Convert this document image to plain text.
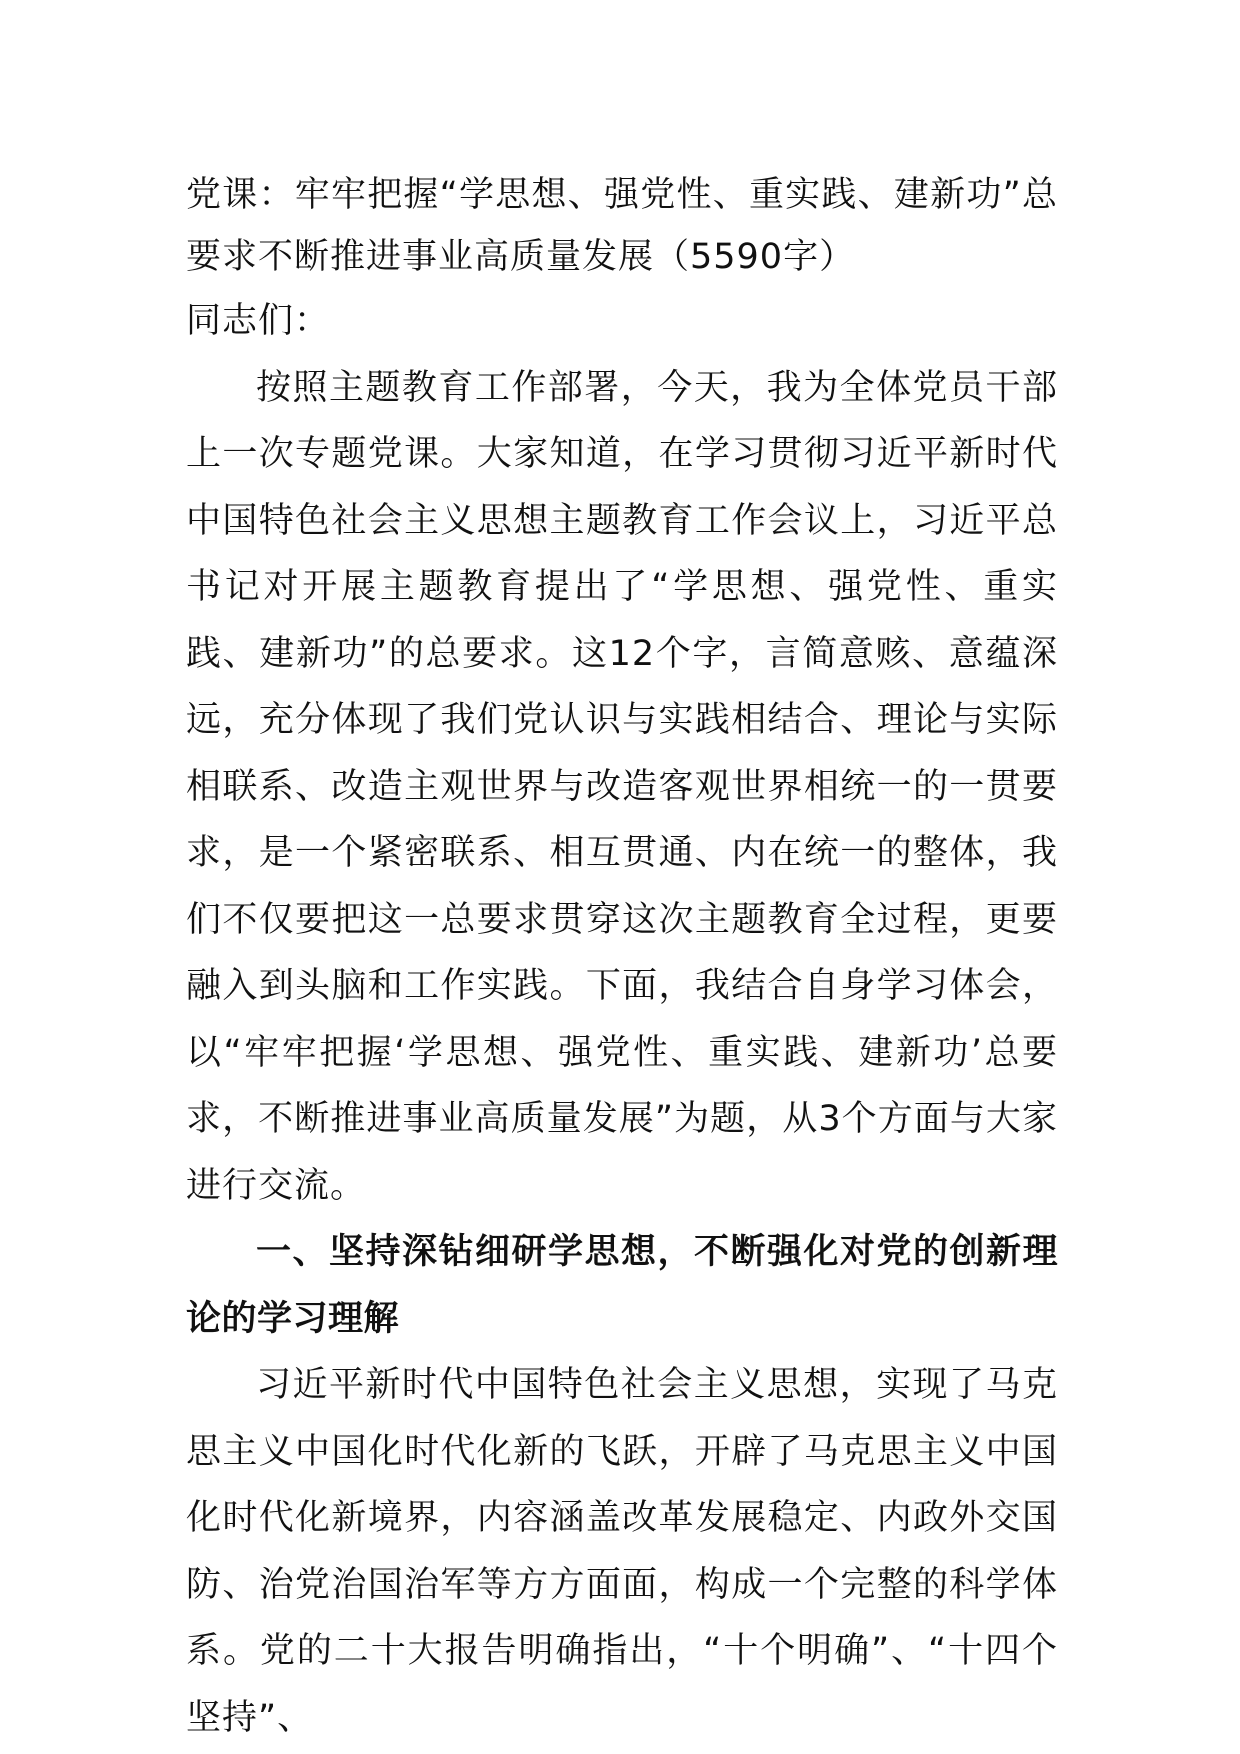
党课：牢牢把握“学思想、强党性、重实践、建新功”总要求不断推进事业高质量发展（5590字）

同志们：

按照主题教育工作部署，今天，我为全体党员干部上一次专题党课。大家知道，在学习贯彻习近平新时代中国特色社会主义思想主题教育工作会议上，习近平总书记对开展主题教育提出了“学思想、强党性、重实践、建新功”的总要求。这12个字，言简意赅、意蕴深远，充分体现了我们党认识与实践相结合、理论与实际相联系、改造主观世界与改造客观世界相统一的一贯要求，是一个紧密联系、相互贯通、内在统一的整体，我们不仅要把这一总要求贯穿这次主题教育全过程，更要融入到头脑和工作实践。下面，我结合自身学习体会，以“牢牢把握‘学思想、强党性、重实践、建新功’总要求，不断推进事业高质量发展”为题，从3个方面与大家进行交流。

一、坚持深钻细研学思想，不断强化对党的创新理论的学习理解

习近平新时代中国特色社会主义思想，实现了马克思主义中国化时代化新的飞跃，开辟了马克思主义中国化时代化新境界，内容涵盖改革发展稳定、内政外交国防、治党治国治军等方方面面，构成一个完整的科学体系。党的二十大报告明确指出，“十个明确”、“十四个坚持”、
